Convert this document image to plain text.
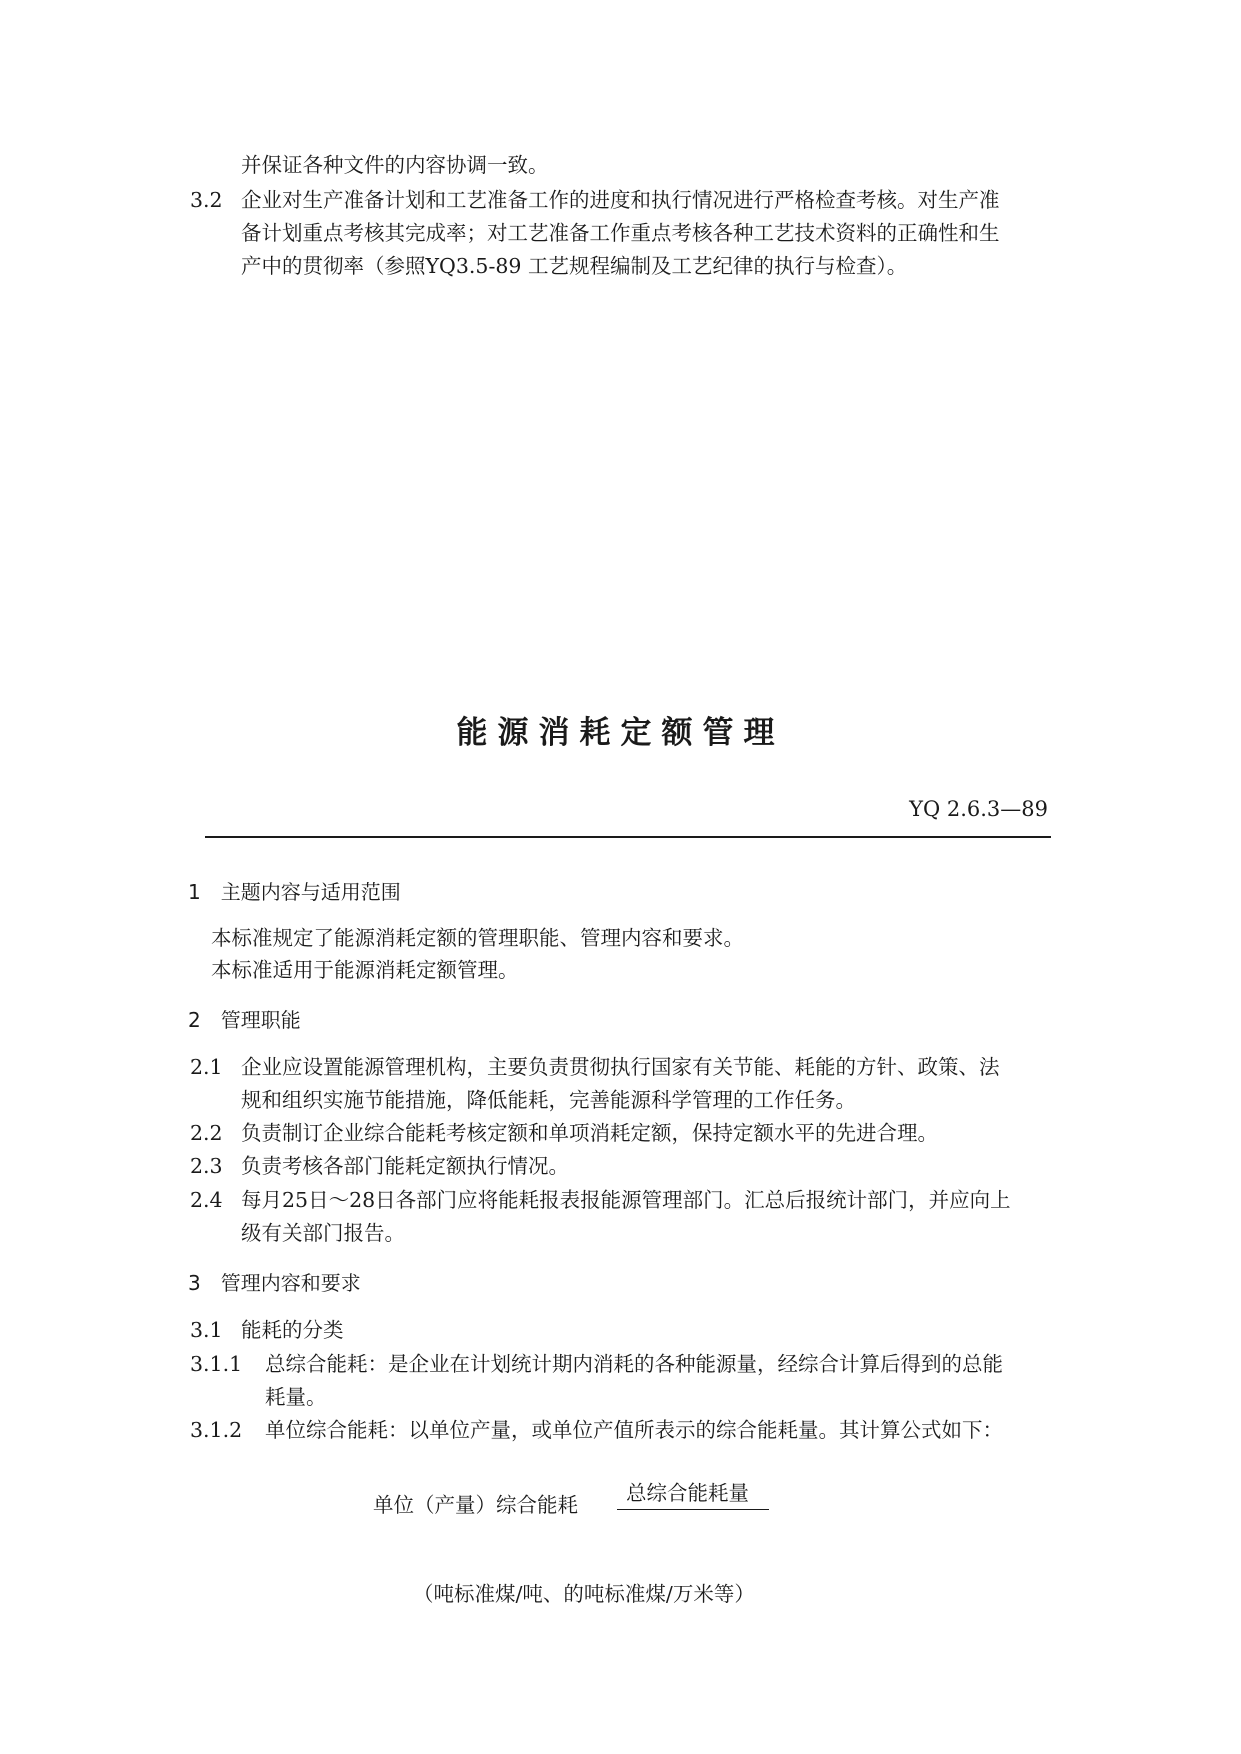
并保证各种文件的内容协调一致。
3.2 企业对生产准备计划和工艺准备工作的进度和执行情况进行严格检查考核。对生产准
备计划重点考核其完成率；对工艺准备工作重点考核各种工艺技术资料的正确性和生
产中的贯彻率（参照YQ3.5-89 工艺规程编制及工艺纪律的执行与检查）。
能源消耗定额管理
YQ 2.6.3—89
1　主题内容与适用范围
本标准规定了能源消耗定额的管理职能、管理内容和要求。
本标准适用于能源消耗定额管理。
2　管理职能
2.1 企业应设置能源管理机构，主要负责贯彻执行国家有关节能、耗能的方针、政策、法
规和组织实施节能措施，降低能耗，完善能源科学管理的工作任务。
2.2 负责制订企业综合能耗考核定额和单项消耗定额，保持定额水平的先进合理。
2.3 负责考核各部门能耗定额执行情况。
2.4 每月25日～28日各部门应将能耗报表报能源管理部门。汇总后报统计部门，并应向上
级有关部门报告。
3　管理内容和要求
3.1 能耗的分类
3.1.1 总综合能耗：是企业在计划统计期内消耗的各种能源量，经综合计算后得到的总能
耗量。
3.1.2 单位综合能耗：以单位产量，或单位产值所表示的综合能耗量。其计算公式如下：
单位（产量）综合能耗 总综合能耗量
（吨标准煤/吨、的吨标准煤/万米等）
